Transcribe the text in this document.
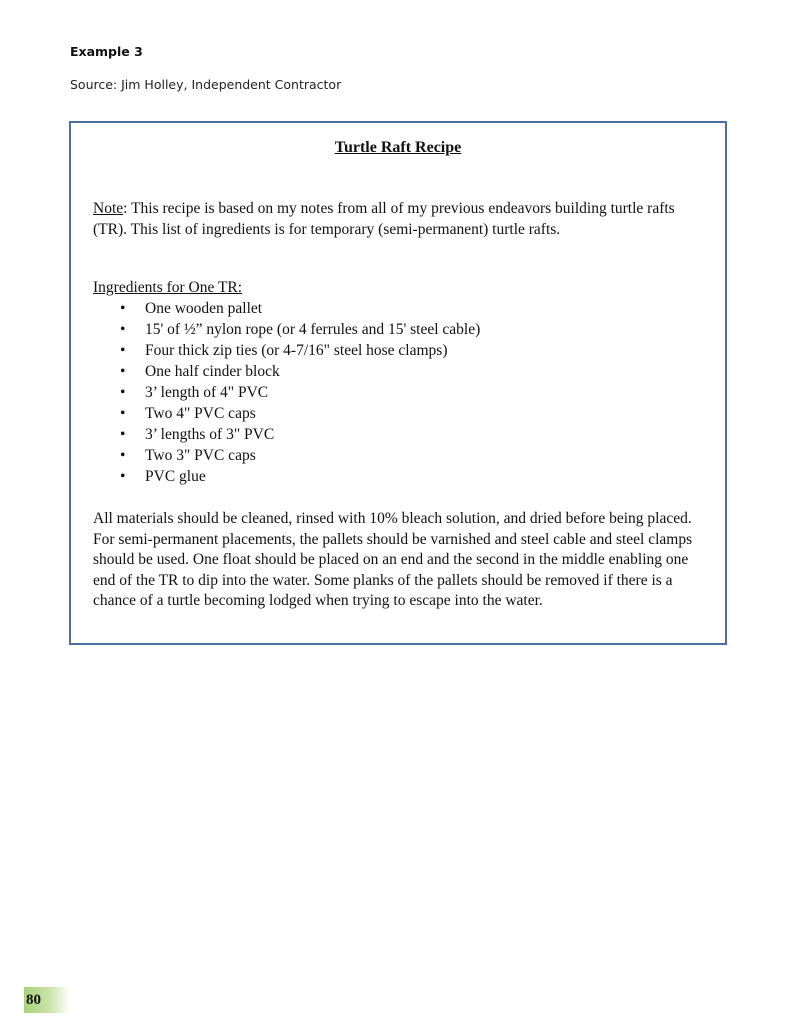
Example 3
Source: Jim Holley, Independent Contractor
Turtle Raft Recipe
Note: This recipe is based on my notes from all of my previous endeavors building turtle rafts (TR). This list of ingredients is for temporary (semi-permanent) turtle rafts.
Ingredients for One TR:
• One wooden pallet
• 15' of ½” nylon rope (or 4 ferrules and 15' steel cable)
• Four thick zip ties (or 4-7/16" steel hose clamps)
• One half cinder block
• 3’ length of 4" PVC
• Two 4" PVC caps
• 3’ lengths of 3" PVC
• Two 3" PVC caps
• PVC glue
All materials should be cleaned, rinsed with 10% bleach solution, and dried before being placed. For semi-permanent placements, the pallets should be varnished and steel cable and steel clamps should be used. One float should be placed on an end and the second in the middle enabling one end of the TR to dip into the water. Some planks of the pallets should be removed if there is a chance of a turtle becoming lodged when trying to escape into the water.
80
